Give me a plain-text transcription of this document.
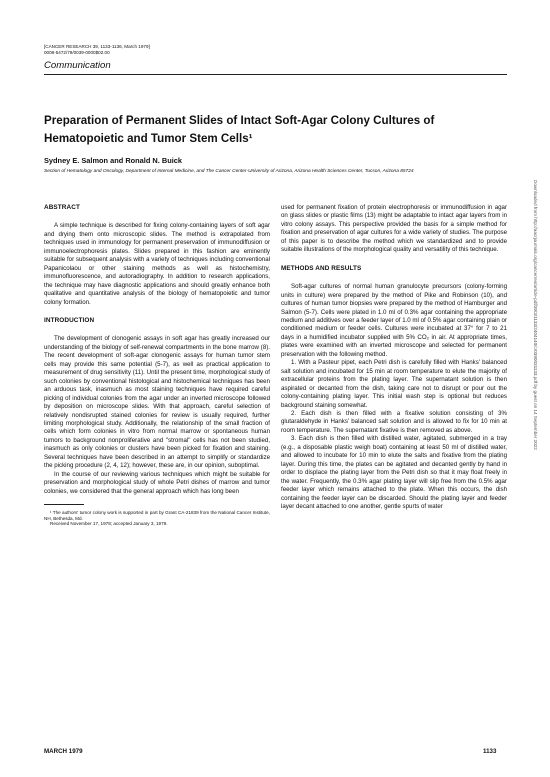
[CANCER RESEARCH 39, 1133-1136, March 1979]
0008-5472/79/0039-0000$02.00
Communication
Preparation of Permanent Slides of Intact Soft-Agar Colony Cultures of Hematopoietic and Tumor Stem Cells¹
Sydney E. Salmon and Ronald N. Buick
Section of Hematology and Oncology, Department of Internal Medicine, and The Cancer Center-University of Arizona, Arizona Health Sciences Center, Tucson, Arizona 85724
ABSTRACT

A simple technique is described for fixing colony-containing layers of soft agar and drying them onto microscopic slides. The method is extrapolated from techniques used in immunology for permanent preservation of immunodiffusion or immunoelectrophoresis plates. Slides prepared in this fashion are eminently suitable for subsequent analysis with a variety of techniques including conventional Papanicolaou or other staining methods as well as histochemistry, immunofluorescence, and autoradiography. In addition to research applications, the technique may have diagnostic applications and should greatly enhance both qualitative and quantitative analysis of the biology of hematopoietic and tumor colony formation.

INTRODUCTION

The development of clonogenic assays in soft agar has greatly increased our understanding of the biology of self-renewal compartments in the bone marrow (8). The recent development of soft-agar clonogenic assays for human tumor stem cells may provide this same potential (5-7), as well as practical application to measurement of drug sensitivity (11). Until the present time, morphological study of such colonies by conventional histological and histochemical techniques has been an arduous task, inasmuch as most staining techniques have required careful picking of individual colonies from the agar under an inverted microscope followed by deposition on microscope slides. With that approach, careful selection of relatively nondisrupted stained colonies for review is usually required, further limiting morphological study. Additionally, the relationship of the small fraction of cells which form colonies in vitro from normal marrow or spontaneous human tumors to background nonproliferative and "stromal" cells has not been studied, inasmuch as only colonies or clusters have been picked for fixation and staining. Several techniques have been described in an attempt to simplify or standardize the picking procedure (2, 4, 12); however, these are, in our opinion, suboptimal.

In the course of our reviewing various techniques which might be suitable for preservation and morphological study of whole Petri dishes of marrow and tumor colonies, we considered that the general approach which has long been

¹ The authors' tumor colony work is supported in part by Grant CA-21839 from the National Cancer Institute, NH, Bethesda, Md.

Received November 17, 1978; accepted January 3, 1979.

used for permanent fixation of protein electrophoresis or immunodiffusion in agar on glass slides or plastic films (13) might be adaptable to intact agar layers from in vitro colony assays. This perspective provided the basis for a simple method for fixation and preservation of agar cultures for a wide variety of studies. The purpose of this paper is to describe the method which we standardized and to provide suitable illustrations of the morphological quality and versatility of this technique.

METHODS AND RESULTS

Soft-agar cultures of normal human granulocyte precursors (colony-forming units in culture) were prepared by the method of Pike and Robinson (10), and cultures of human tumor biopsies were prepared by the method of Hamburger and Salmon (5-7). Cells were plated in 1.0 ml of 0.3% agar containing the appropriate medium and additives over a feeder layer of 1.0 ml of 0.5% agar containing plain or conditioned medium or feeder cells. Cultures were incubated at 37° for 7 to 21 days in a humidified incubator supplied with 5% CO₂ in air. At appropriate times, plates were examined with an inverted microscope and selected for permanent preservation with the following method.

1. With a Pasteur pipet, each Petri dish is carefully filled with Hanks' balanced salt solution and incubated for 15 min at room temperature to elute the majority of extracellular proteins from the plating layer. The supernatant solution is then aspirated or decanted from the dish, taking care not to disrupt or pour out the colony-containing plating layer. This initial wash step is optional but reduces background staining somewhat.

2. Each dish is then filled with a fixative solution consisting of 3% glutaraldehyde in Hanks' balanced salt solution and is allowed to fix for 10 min at room temperature. The supernatant fixative is then removed as above.

3. Each dish is then filled with distilled water, agitated, submerged in a tray (e.g., a disposable plastic weigh boat) containing at least 50 ml of distilled water, and allowed to incubate for 10 min to elute the salts and fixative from the plating layer. During this time, the plates can be agitated and decanted gently by hand in order to displace the plating layer from the Petri dish so that it may float freely in the water. Frequently, the 0.3% agar plating layer will slip free from the 0.5% agar feeder layer which remains attached to the plate. When this occurs, the dish containing the feeder layer can be discarded. Should the plating layer and feeder layer decant attached to one another, gentle spurts of water

MARCH 1979	1133
Downloaded from http://aacrjournals.org/cancerres/article-pdf/39/3/1133/2404140/cr0390031133.pdf by guest on 14 September 2022
